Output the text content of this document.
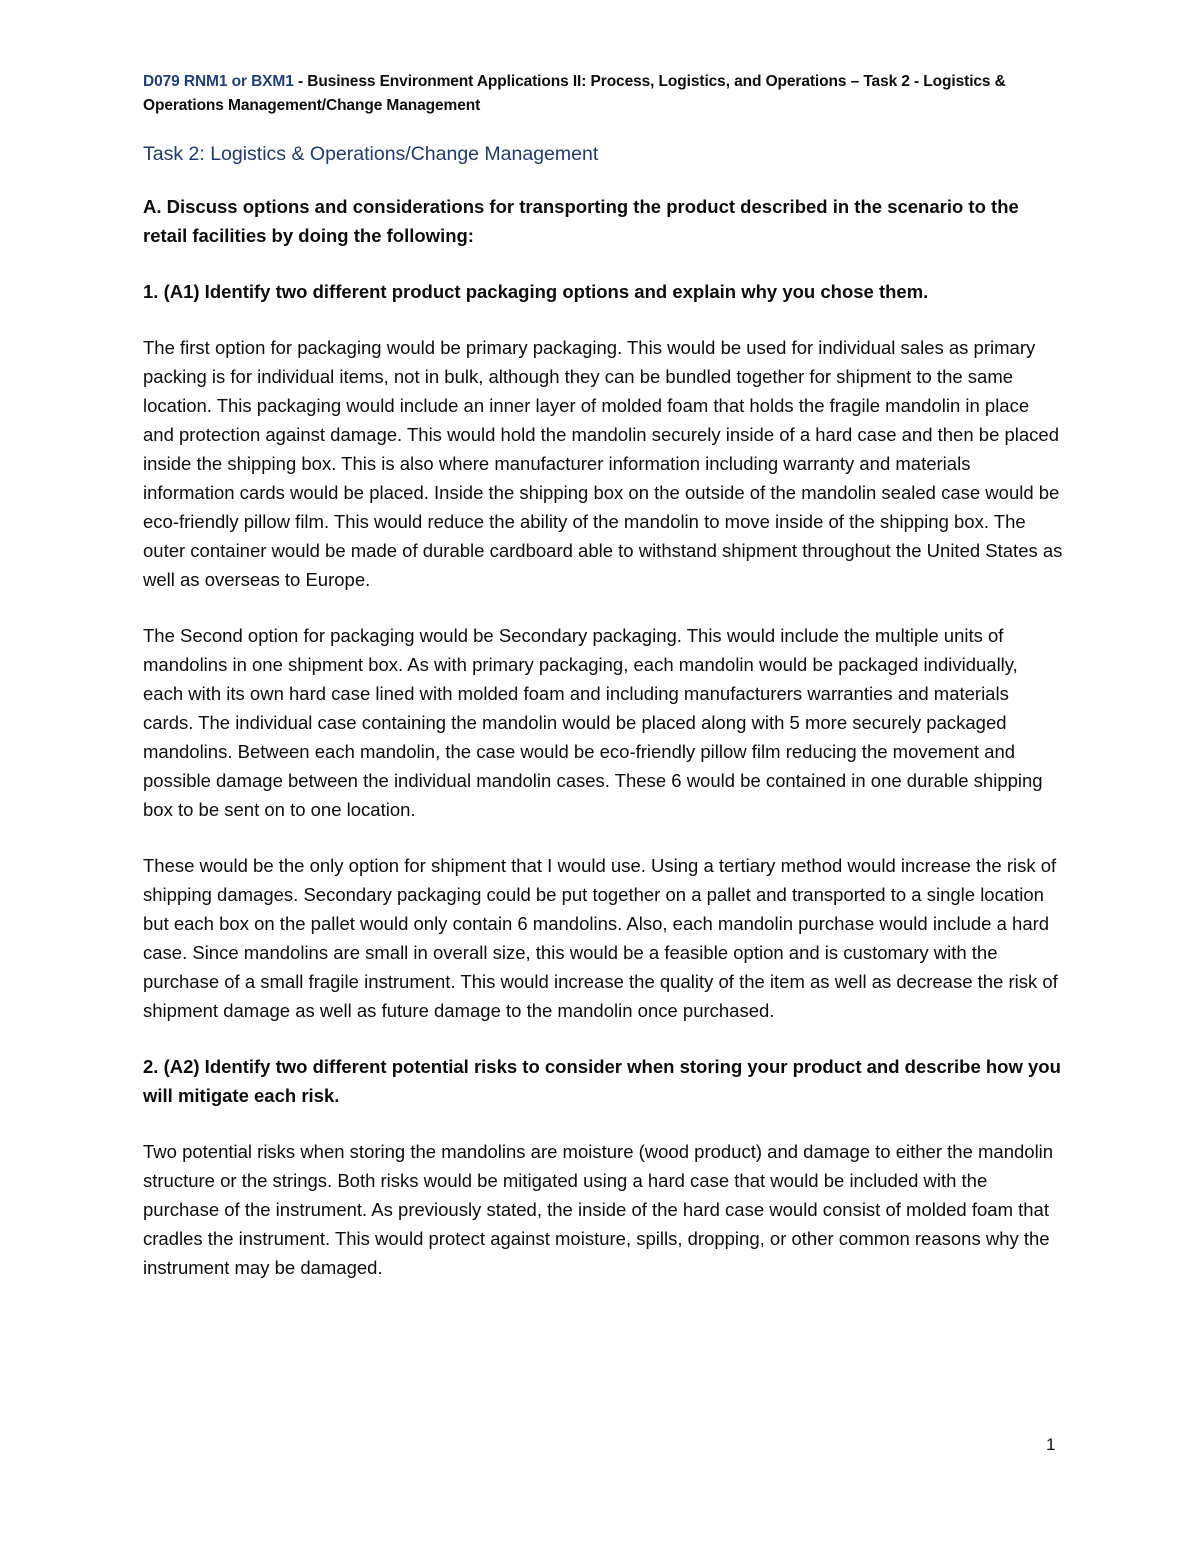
D079 RNM1 or BXM1 - Business Environment Applications II: Process, Logistics, and Operations – Task 2 - Logistics & Operations Management/Change Management

Task 2: Logistics & Operations/Change Management

A. Discuss options and considerations for transporting the product described in the scenario to the retail facilities by doing the following:

1. (A1) Identify two different product packaging options and explain why you chose them.

The first option for packaging would be primary packaging. This would be used for individual sales as primary packing is for individual items, not in bulk, although they can be bundled together for shipment to the same location. This packaging would include an inner layer of molded foam that holds the fragile mandolin in place and protection against damage. This would hold the mandolin securely inside of a hard case and then be placed inside the shipping box. This is also where manufacturer information including warranty and materials information cards would be placed. Inside the shipping box on the outside of the mandolin sealed case would be eco-friendly pillow film. This would reduce the ability of the mandolin to move inside of the shipping box. The outer container would be made of durable cardboard able to withstand shipment throughout the United States as well as overseas to Europe.

The Second option for packaging would be Secondary packaging. This would include the multiple units of mandolins in one shipment box. As with primary packaging, each mandolin would be packaged individually, each with its own hard case lined with molded foam and including manufacturers warranties and materials cards. The individual case containing the mandolin would be placed along with 5 more securely packaged mandolins. Between each mandolin, the case would be eco-friendly pillow film reducing the movement and possible damage between the individual mandolin cases. These 6 would be contained in one durable shipping box to be sent on to one location.

These would be the only option for shipment that I would use. Using a tertiary method would increase the risk of shipping damages. Secondary packaging could be put together on a pallet and transported to a single location but each box on the pallet would only contain 6 mandolins. Also, each mandolin purchase would include a hard case. Since mandolins are small in overall size, this would be a feasible option and is customary with the purchase of a small fragile instrument. This would increase the quality of the item as well as decrease the risk of shipment damage as well as future damage to the mandolin once purchased.

2. (A2) Identify two different potential risks to consider when storing your product and describe how you will mitigate each risk.

Two potential risks when storing the mandolins are moisture (wood product) and damage to either the mandolin structure or the strings. Both risks would be mitigated using a hard case that would be included with the purchase of the instrument. As previously stated, the inside of the hard case would consist of molded foam that cradles the instrument. This would protect against moisture, spills, dropping, or other common reasons why the instrument may be damaged.

1
